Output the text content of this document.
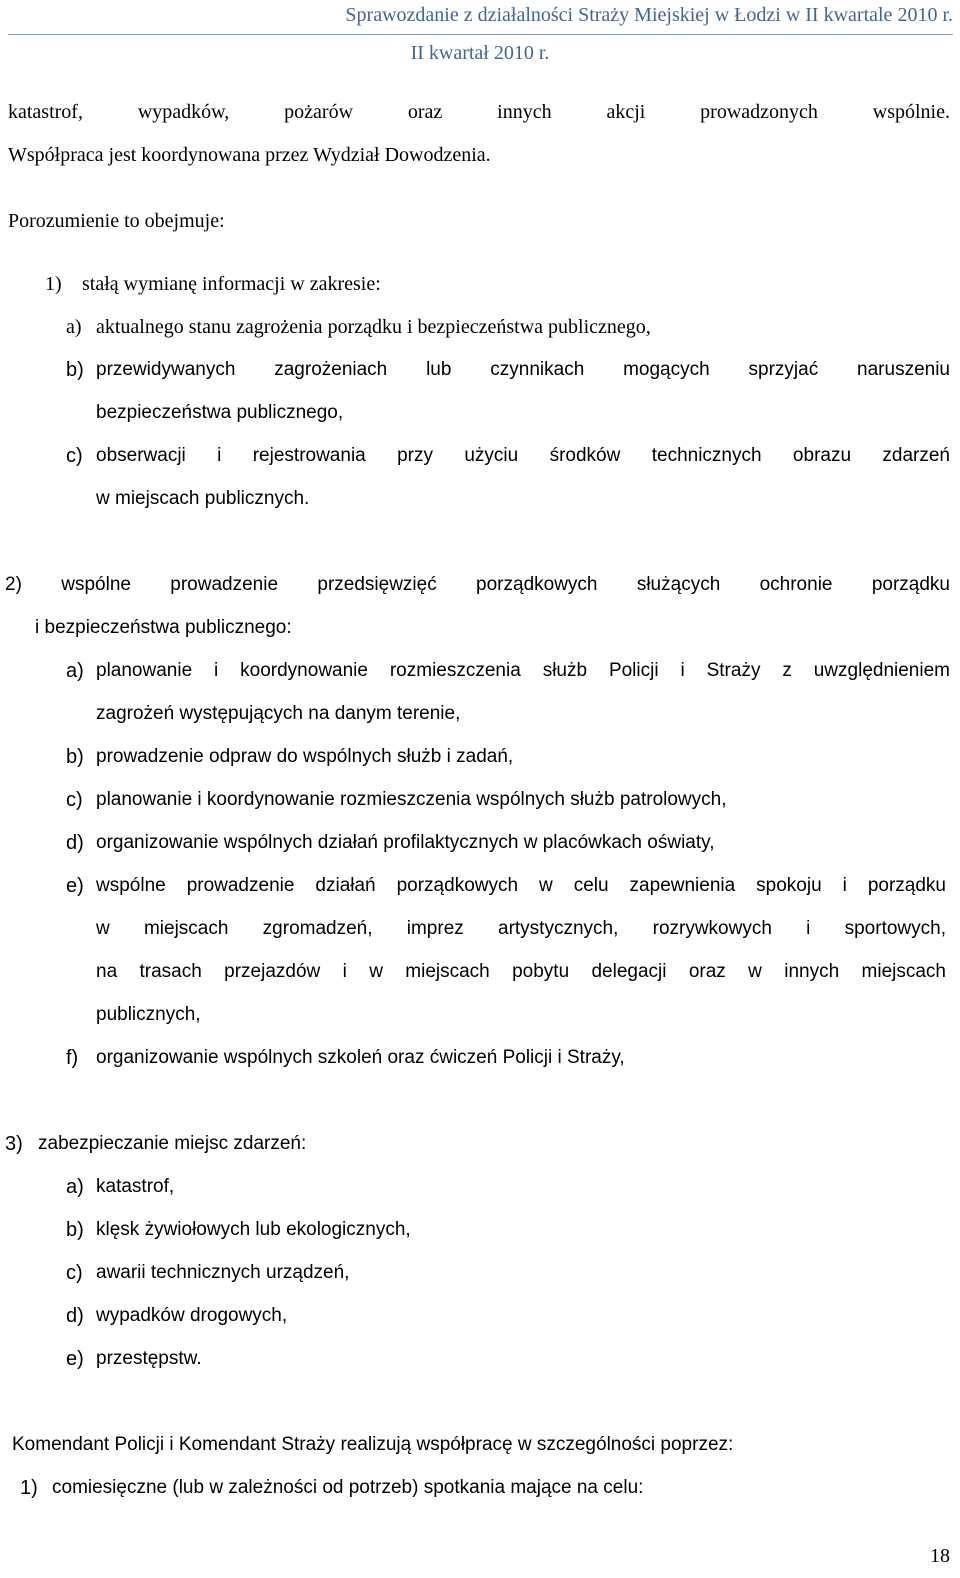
Sprawozdanie z działalności Straży Miejskiej w Łodzi w II kwartale 2010 r.
II kwartał 2010 r.
katastrof, wypadków, pożarów oraz innych akcji prowadzonych wspólnie.
Współpraca jest koordynowana przez Wydział Dowodzenia.
Porozumienie to obejmuje:
1) stałą wymianę informacji w zakresie:
a) aktualnego stanu zagrożenia porządku i bezpieczeństwa publicznego,
b) przewidywanych zagrożeniach lub czynnikach mogących sprzyjać naruszeniu
bezpieczeństwa publicznego,
c) obserwacji i rejestrowania przy użyciu środków technicznych obrazu zdarzeń
w miejscach publicznych.
2) wspólne prowadzenie przedsięwzięć porządkowych służących ochronie porządku
i bezpieczeństwa publicznego:
a) planowanie i koordynowanie rozmieszczenia służb Policji i Straży z uwzględnieniem
zagrożeń występujących na danym terenie,
b) prowadzenie odpraw do wspólnych służb i zadań,
c) planowanie i koordynowanie rozmieszczenia wspólnych służb patrolowych,
d) organizowanie wspólnych działań profilaktycznych w placówkach oświaty,
e) wspólne prowadzenie działań porządkowych w celu zapewnienia spokoju i porządku
w miejscach zgromadzeń, imprez artystycznych, rozrywkowych i sportowych,
na trasach przejazdów i w miejscach pobytu delegacji oraz w innych miejscach
publicznych,
f) organizowanie wspólnych szkoleń oraz ćwiczeń Policji i Straży,
3) zabezpieczanie miejsc zdarzeń:
a) katastrof,
b) klęsk żywiołowych lub ekologicznych,
c) awarii technicznych urządzeń,
d) wypadków drogowych,
e) przestępstw.
Komendant Policji i Komendant Straży realizują współpracę w szczególności poprzez:
1) comiesięczne (lub w zależności od potrzeb) spotkania mające na celu:
18
